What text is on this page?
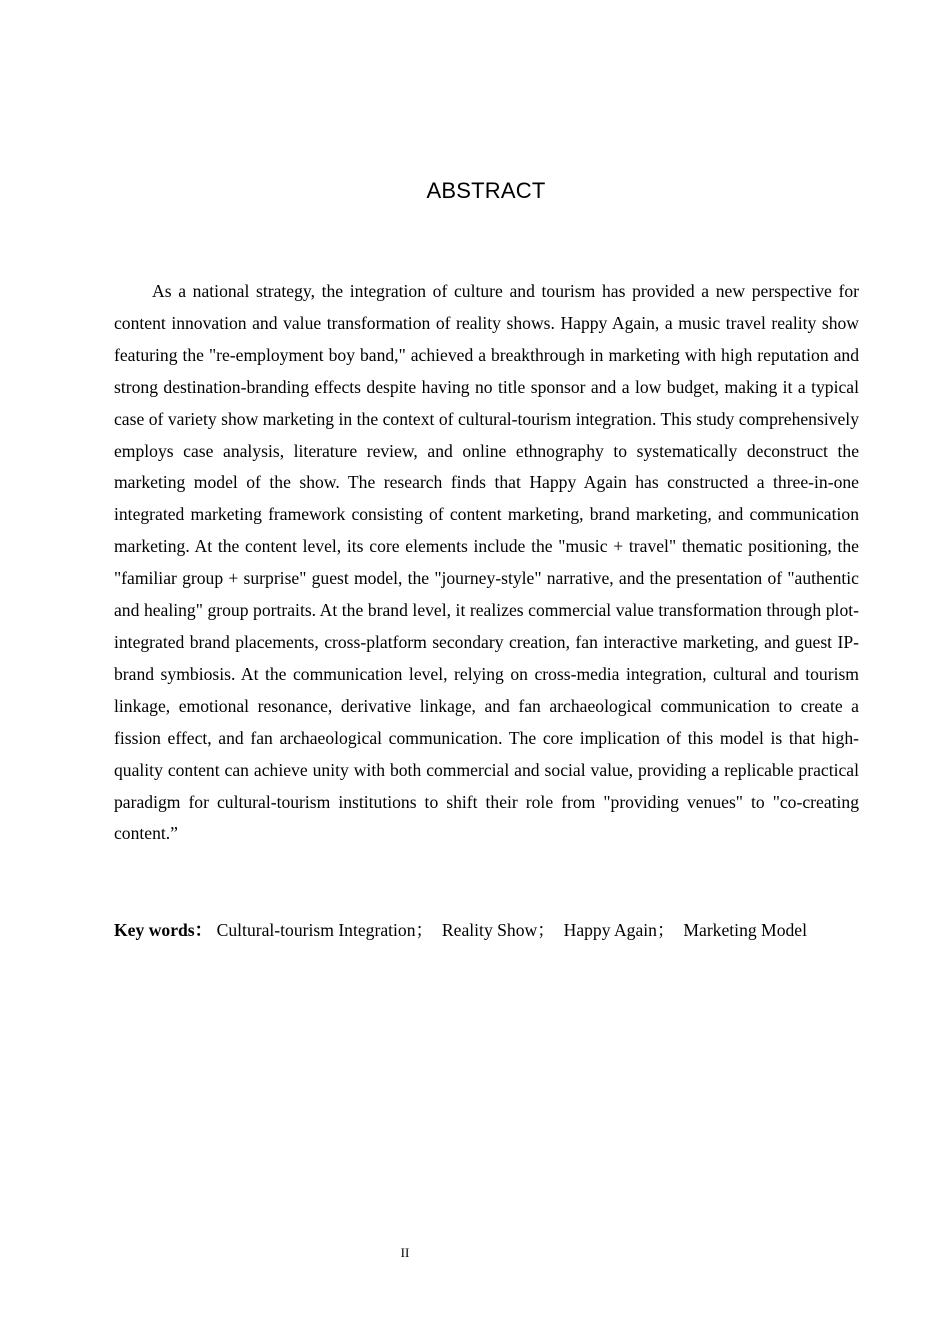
ABSTRACT

As a national strategy, the integration of culture and tourism has provided a new perspective for content innovation and value transformation of reality shows. Happy Again, a music travel reality show featuring the "re-employment boy band," achieved a breakthrough in marketing with high reputation and strong destination-branding effects despite having no title sponsor and a low budget, making it a typical case of variety show marketing in the context of cultural-tourism integration. This study comprehensively employs case analysis, literature review, and online ethnography to systematically deconstruct the marketing model of the show. The research finds that Happy Again has constructed a three-in-one integrated marketing framework consisting of content marketing, brand marketing, and communication marketing. At the content level, its core elements include the "music + travel" thematic positioning, the "familiar group + surprise" guest model, the "journey-style" narrative, and the presentation of "authentic and healing" group portraits. At the brand level, it realizes commercial value transformation through plot-integrated brand placements, cross-platform secondary creation, fan interactive marketing, and guest IP-brand symbiosis. At the communication level, relying on cross-media integration, cultural and tourism linkage, emotional resonance, derivative linkage, and fan archaeological communication to create a fission effect, and fan archaeological communication. The core implication of this model is that high-quality content can achieve unity with both commercial and social value, providing a replicable practical paradigm for cultural-tourism institutions to shift their role from "providing venues" to "co-creating content.”

Key words： Cultural-tourism Integration； Reality Show； Happy Again； Marketing Model

II
